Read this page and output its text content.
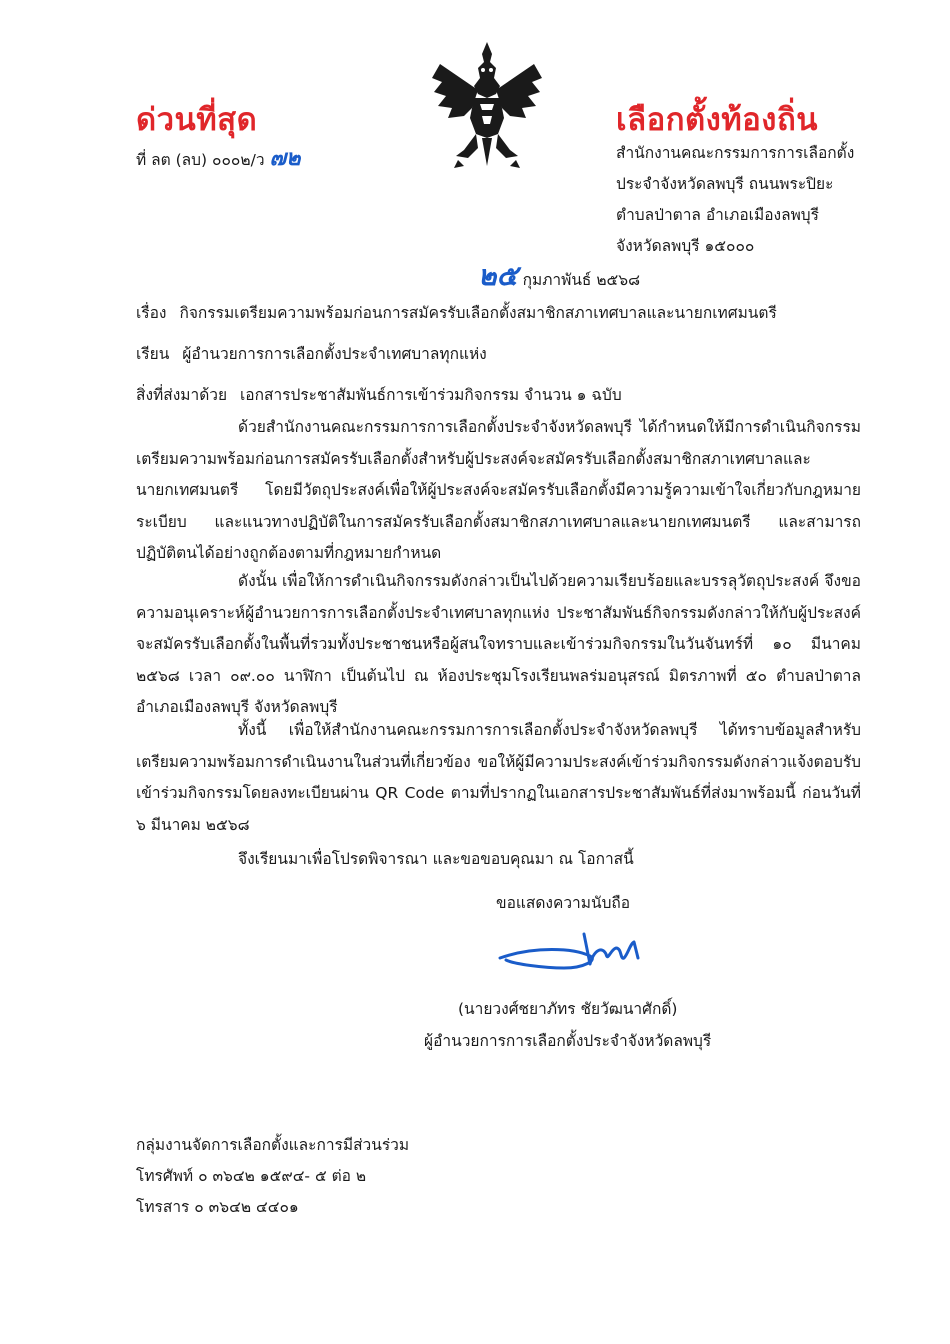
ด่วนที่สุด	เลือกตั้งท้องถิ่น
ที่ ลต (ลบ) ๐๐๐๒/ว ๗๒	สำนักงานคณะกรรมการการเลือกตั้ง
ประจำจังหวัดลพบุรี ถนนพระปิยะ
ตำบลป่าตาล อำเภอเมืองลพบุรี
จังหวัดลพบุรี ๑๕๐๐๐
๒๕ กุมภาพันธ์ ๒๕๖๘
เรื่อง กิจกรรมเตรียมความพร้อมก่อนการสมัครรับเลือกตั้งสมาชิกสภาเทศบาลและนายกเทศมนตรี
เรียน ผู้อำนวยการการเลือกตั้งประจำเทศบาลทุกแห่ง
สิ่งที่ส่งมาด้วย เอกสารประชาสัมพันธ์การเข้าร่วมกิจกรรม จำนวน ๑ ฉบับ
ด้วยสำนักงานคณะกรรมการการเลือกตั้งประจำจังหวัดลพบุรี ได้กำหนดให้มีการดำเนินกิจกรรม
เตรียมความพร้อมก่อนการสมัครรับเลือกตั้งสำหรับผู้ประสงค์จะสมัครรับเลือกตั้งสมาชิกสภาเทศบาลและ
นายกเทศมนตรี โดยมีวัตถุประสงค์เพื่อให้ผู้ประสงค์จะสมัครรับเลือกตั้งมีความรู้ความเข้าใจเกี่ยวกับกฎหมาย
ระเบียบ และแนวทางปฏิบัติในการสมัครรับเลือกตั้งสมาชิกสภาเทศบาลและนายกเทศมนตรี และสามารถ
ปฏิบัติตนได้อย่างถูกต้องตามที่กฎหมายกำหนด
ดังนั้น เพื่อให้การดำเนินกิจกรรมดังกล่าวเป็นไปด้วยความเรียบร้อยและบรรลุวัตถุประสงค์ จึงขอ
ความอนุเคราะห์ผู้อำนวยการการเลือกตั้งประจำเทศบาลทุกแห่ง ประชาสัมพันธ์กิจกรรมดังกล่าวให้กับผู้ประสงค์
จะสมัครรับเลือกตั้งในพื้นที่รวมทั้งประชาชนหรือผู้สนใจทราบและเข้าร่วมกิจกรรมในวันจันทร์ที่ ๑๐ มีนาคม
๒๕๖๘ เวลา ๐๙.๐๐ นาฬิกา เป็นต้นไป ณ ห้องประชุมโรงเรียนพลร่มอนุสรณ์ มิตรภาพที่ ๕๐ ตำบลป่าตาล
อำเภอเมืองลพบุรี จังหวัดลพบุรี
ทั้งนี้ เพื่อให้สำนักงานคณะกรรมการการเลือกตั้งประจำจังหวัดลพบุรี ได้ทราบข้อมูลสำหรับ
เตรียมความพร้อมการดำเนินงานในส่วนที่เกี่ยวข้อง ขอให้ผู้มีความประสงค์เข้าร่วมกิจกรรมดังกล่าวแจ้งตอบรับ
เข้าร่วมกิจกรรมโดยลงทะเบียนผ่าน QR Code ตามที่ปรากฏในเอกสารประชาสัมพันธ์ที่ส่งมาพร้อมนี้ ก่อนวันที่
๖ มีนาคม ๒๕๖๘
จึงเรียนมาเพื่อโปรดพิจารณา และขอขอบคุณมา ณ โอกาสนี้
ขอแสดงความนับถือ
(นายวงศ์ชยาภัทร ชัยวัฒนาศักดิ์)
ผู้อำนวยการการเลือกตั้งประจำจังหวัดลพบุรี
กลุ่มงานจัดการเลือกตั้งและการมีส่วนร่วม
โทรศัพท์ ๐ ๓๖๔๒ ๑๕๙๔- ๕ ต่อ ๒
โทรสาร ๐ ๓๖๔๒ ๔๔๐๑
